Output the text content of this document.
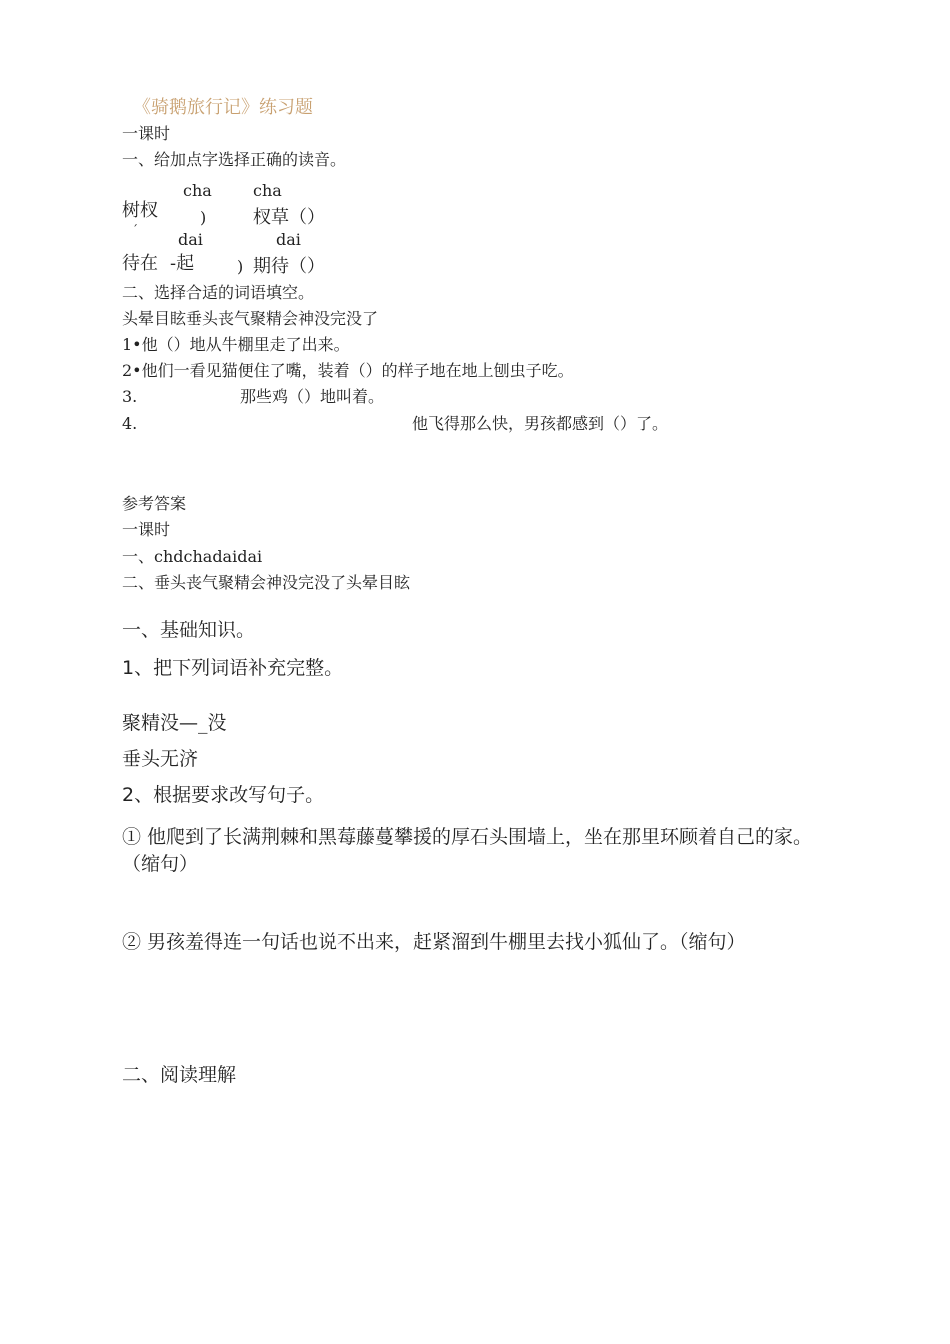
《骑鹅旅行记》练习题
一课时
一、给加点字选择正确的读音。
cha	cha
树杈	)	杈草（）
ˊ	dai	dai
待在 -起	) 期待（）
二、选择合适的词语填空。
头晕目眩垂头丧气聚精会神没完没了
1•他（）地从牛棚里走了出来。
2•他们一看见猫便住了嘴，装着（）的样子地在地上刨虫子吃。
3.	那些鸡（）地叫着。
4.	他飞得那么快，男孩都感到（）了。
参考答案
一课时
一、chdchadaidai
二、垂头丧气聚精会神没完没了头晕目眩
一、基础知识。
1、把下列词语补充完整。
聚精没—_没
垂头无济
2、根据要求改写句子。
① 他爬到了长满荆棘和黑莓藤蔓攀援的厚石头围墙上，坐在那里环顾着自己的家。（缩句）
② 男孩羞得连一句话也说不出来，赶紧溜到牛棚里去找小狐仙了。（缩句）
二、阅读理解
